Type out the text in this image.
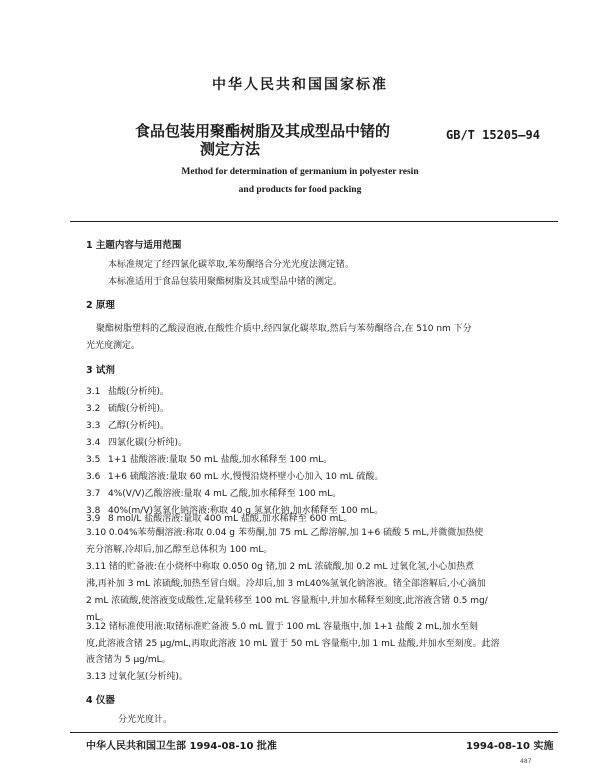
中华人民共和国国家标准
食品包装用聚酯树脂及其成型品中锗的
测定方法
GB/T 15205—94
Method for determination of germanium in polyester resin
and products for food packing
1 主题内容与适用范围
本标准规定了经四氯化碳萃取,苯芴酮络合分光光度法测定锗。
本标准适用于食品包装用聚酯树脂及其成型品中锗的测定。
2 原理
聚酯树脂塑料的乙酸浸泡液,在酸性介质中,经四氯化碳萃取,然后与苯芴酮络合,在 510 nm 下分
光光度测定。
3 试剂
3.1 盐酸(分析纯)。
3.2 硫酸(分析纯)。
3.3 乙醇(分析纯)。
3.4 四氯化碳(分析纯)。
3.5 1+1 盐酸溶液:量取 50 mL 盐酸,加水稀释至 100 mL。
3.6 1+6 硫酸溶液:量取 60 mL 水,慢慢沿烧杯壁小心加入 10 mL 硫酸。
3.7 4%(V/V)乙酸溶液:量取 4 mL 乙酸,加水稀释至 100 mL。
3.8 40%(m/V)氢氧化钠溶液:称取 40 g 氢氧化钠,加水稀释至 100 mL。
3.9 8 mol/L 盐酸溶液:量取 400 mL 盐酸,加水稀释至 600 mL。
3.10 0.04%苯芴酮溶液:称取 0.04 g 苯芴酮,加 75 mL 乙醇溶解,加 1+6 硫酸 5 mL,并微微加热使
充分溶解,冷却后,加乙醇至总体积为 100 mL。
3.11 锗的贮备液:在小烧杯中称取 0.050 0g 锗,加 2 mL 浓硫酸,加 0.2 mL 过氧化氢,小心加热煮
沸,再补加 3 mL 浓硫酸,加热至冒白烟。冷却后,加 3 mL40%氢氧化钠溶液。锗全部溶解后,小心滴加
2 mL 浓硫酸,使溶液变成酸性,定量转移至 100 mL 容量瓶中,并加水稀释至刻度,此溶液含锗 0.5 mg/
mL。
3.12 锗标准使用液:取锗标准贮备液 5.0 mL 置于 100 mL 容量瓶中,加 1+1 盐酸 2 mL,加水至刻
度,此溶液含锗 25 μg/mL,再取此溶液 10 mL 置于 50 mL 容量瓶中,加 1 mL 盐酸,并加水至刻度。此溶
液含锗为 5 μg/mL。
3.13 过氧化氢(分析纯)。
4 仪器
分光光度计。
中华人民共和国卫生部 1994-08-10 批准	1994-08-10 实施
487
